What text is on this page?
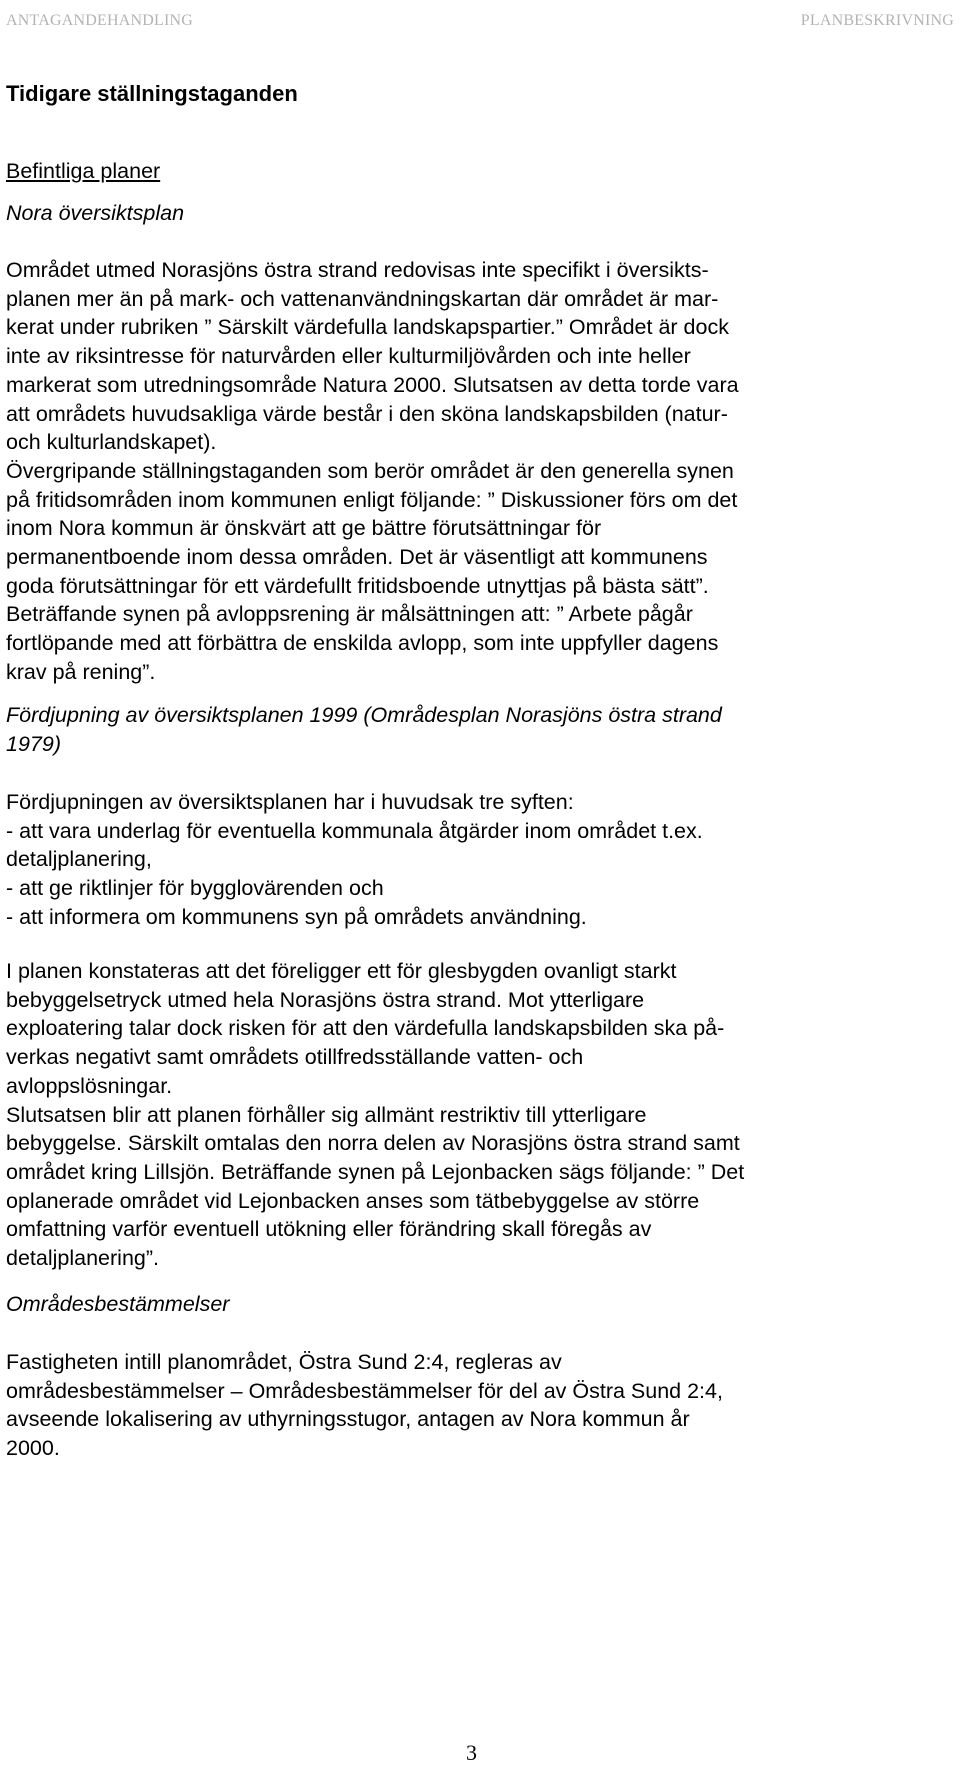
ANTAGANDEHANDLING	PLANBESKRIVNING

Tidigare ställningstaganden

Befintliga planer

Nora översiktsplan

Området utmed Norasjöns östra strand redovisas inte specifikt i översikts-
planen mer än på mark- och vattenanvändningskartan där området är mar-
kerat under rubriken ” Särskilt värdefulla landskapspartier.” Området är dock
inte av riksintresse för naturvården eller kulturmiljövården och inte heller
markerat som utredningsområde Natura 2000. Slutsatsen av detta torde vara
att områdets huvudsakliga värde består i den sköna landskapsbilden (natur-
och kulturlandskapet).
Övergripande ställningstaganden som berör området är den generella synen
på fritidsområden inom kommunen enligt följande: ” Diskussioner förs om det
inom Nora kommun är önskvärt att ge bättre förutsättningar för
permanentboende inom dessa områden. Det är väsentligt att kommunens
goda förutsättningar för ett värdefullt fritidsboende utnyttjas på bästa sätt”.
Beträffande synen på avloppsrening är målsättningen att: ” Arbete pågår
fortlöpande med att förbättra de enskilda avlopp, som inte uppfyller dagens
krav på rening”.
Fördjupning av översiktsplanen 1999 (Områdesplan Norasjöns östra strand
1979)
Fördjupningen av översiktsplanen har i huvudsak tre syften:
- att vara underlag för eventuella kommunala åtgärder inom området t.ex.
detaljplanering,
- att ge riktlinjer för bygglovärenden och
- att informera om kommunens syn på områdets användning.
I planen konstateras att det föreligger ett för glesbygden ovanligt starkt
bebyggelsetryck utmed hela Norasjöns östra strand. Mot ytterligare
exploatering talar dock risken för att den värdefulla landskapsbilden ska på-
verkas negativt samt områdets otillfredsställande vatten- och
avloppslösningar.
Slutsatsen blir att planen förhåller sig allmänt restriktiv till ytterligare
bebyggelse. Särskilt omtalas den norra delen av Norasjöns östra strand samt
området kring Lillsjön. Beträffande synen på Lejonbacken sägs följande: ” Det
oplanerade området vid Lejonbacken anses som tätbebyggelse av större
omfattning varför eventuell utökning eller förändring skall föregås av
detaljplanering”.

Områdesbestämmelser

Fastigheten intill planområdet, Östra Sund 2:4, regleras av
områdesbestämmelser – Områdesbestämmelser för del av Östra Sund 2:4,
avseende lokalisering av uthyrningsstugor, antagen av Nora kommun år
2000.
3
